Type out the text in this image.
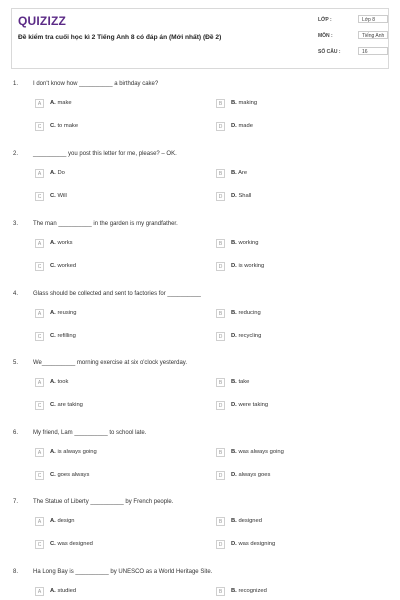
QUIZIZZ
Đề kiểm tra cuối học kì 2 Tiếng Anh 8 có đáp án (Mới nhất) (Đề 2)
LỚP :	Lớp 8
MÔN :	Tiếng Anh
SỐ CÂU :	16
1. I don't know how __________ a birthday cake?
A	A. make	B	B. making
C	C. to make	D	D. made
2. __________ you post this letter for me, please? – OK.
A	A. Do	B	B. Are
C	C. Will	D	D. Shall
3. The man __________ in the garden is my grandfather.
A	A. works	B	B. working
C	C. worked	D	D. is working
4. Glass should be collected and sent to factories for __________
A	A. reusing	B	B. reducing
C	C. refilling	D	D. recycling
5. We__________ morning exercise at six o'clock yesterday.
A	A. took	B	B. take
C	C. are taking	D	D. were taking
6. My friend, Lam __________ to school late.
A	A. is always going	B	B. was always going
C	C. goes always	D	D. always goes
7. The Statue of Liberty __________ by French people.
A	A. design	B	B. designed
C	C. was designed	D	D. was designing
8. Ha Long Bay is __________ by UNESCO as a World Heritage Site.
A	A. studied	B	B. recognized
